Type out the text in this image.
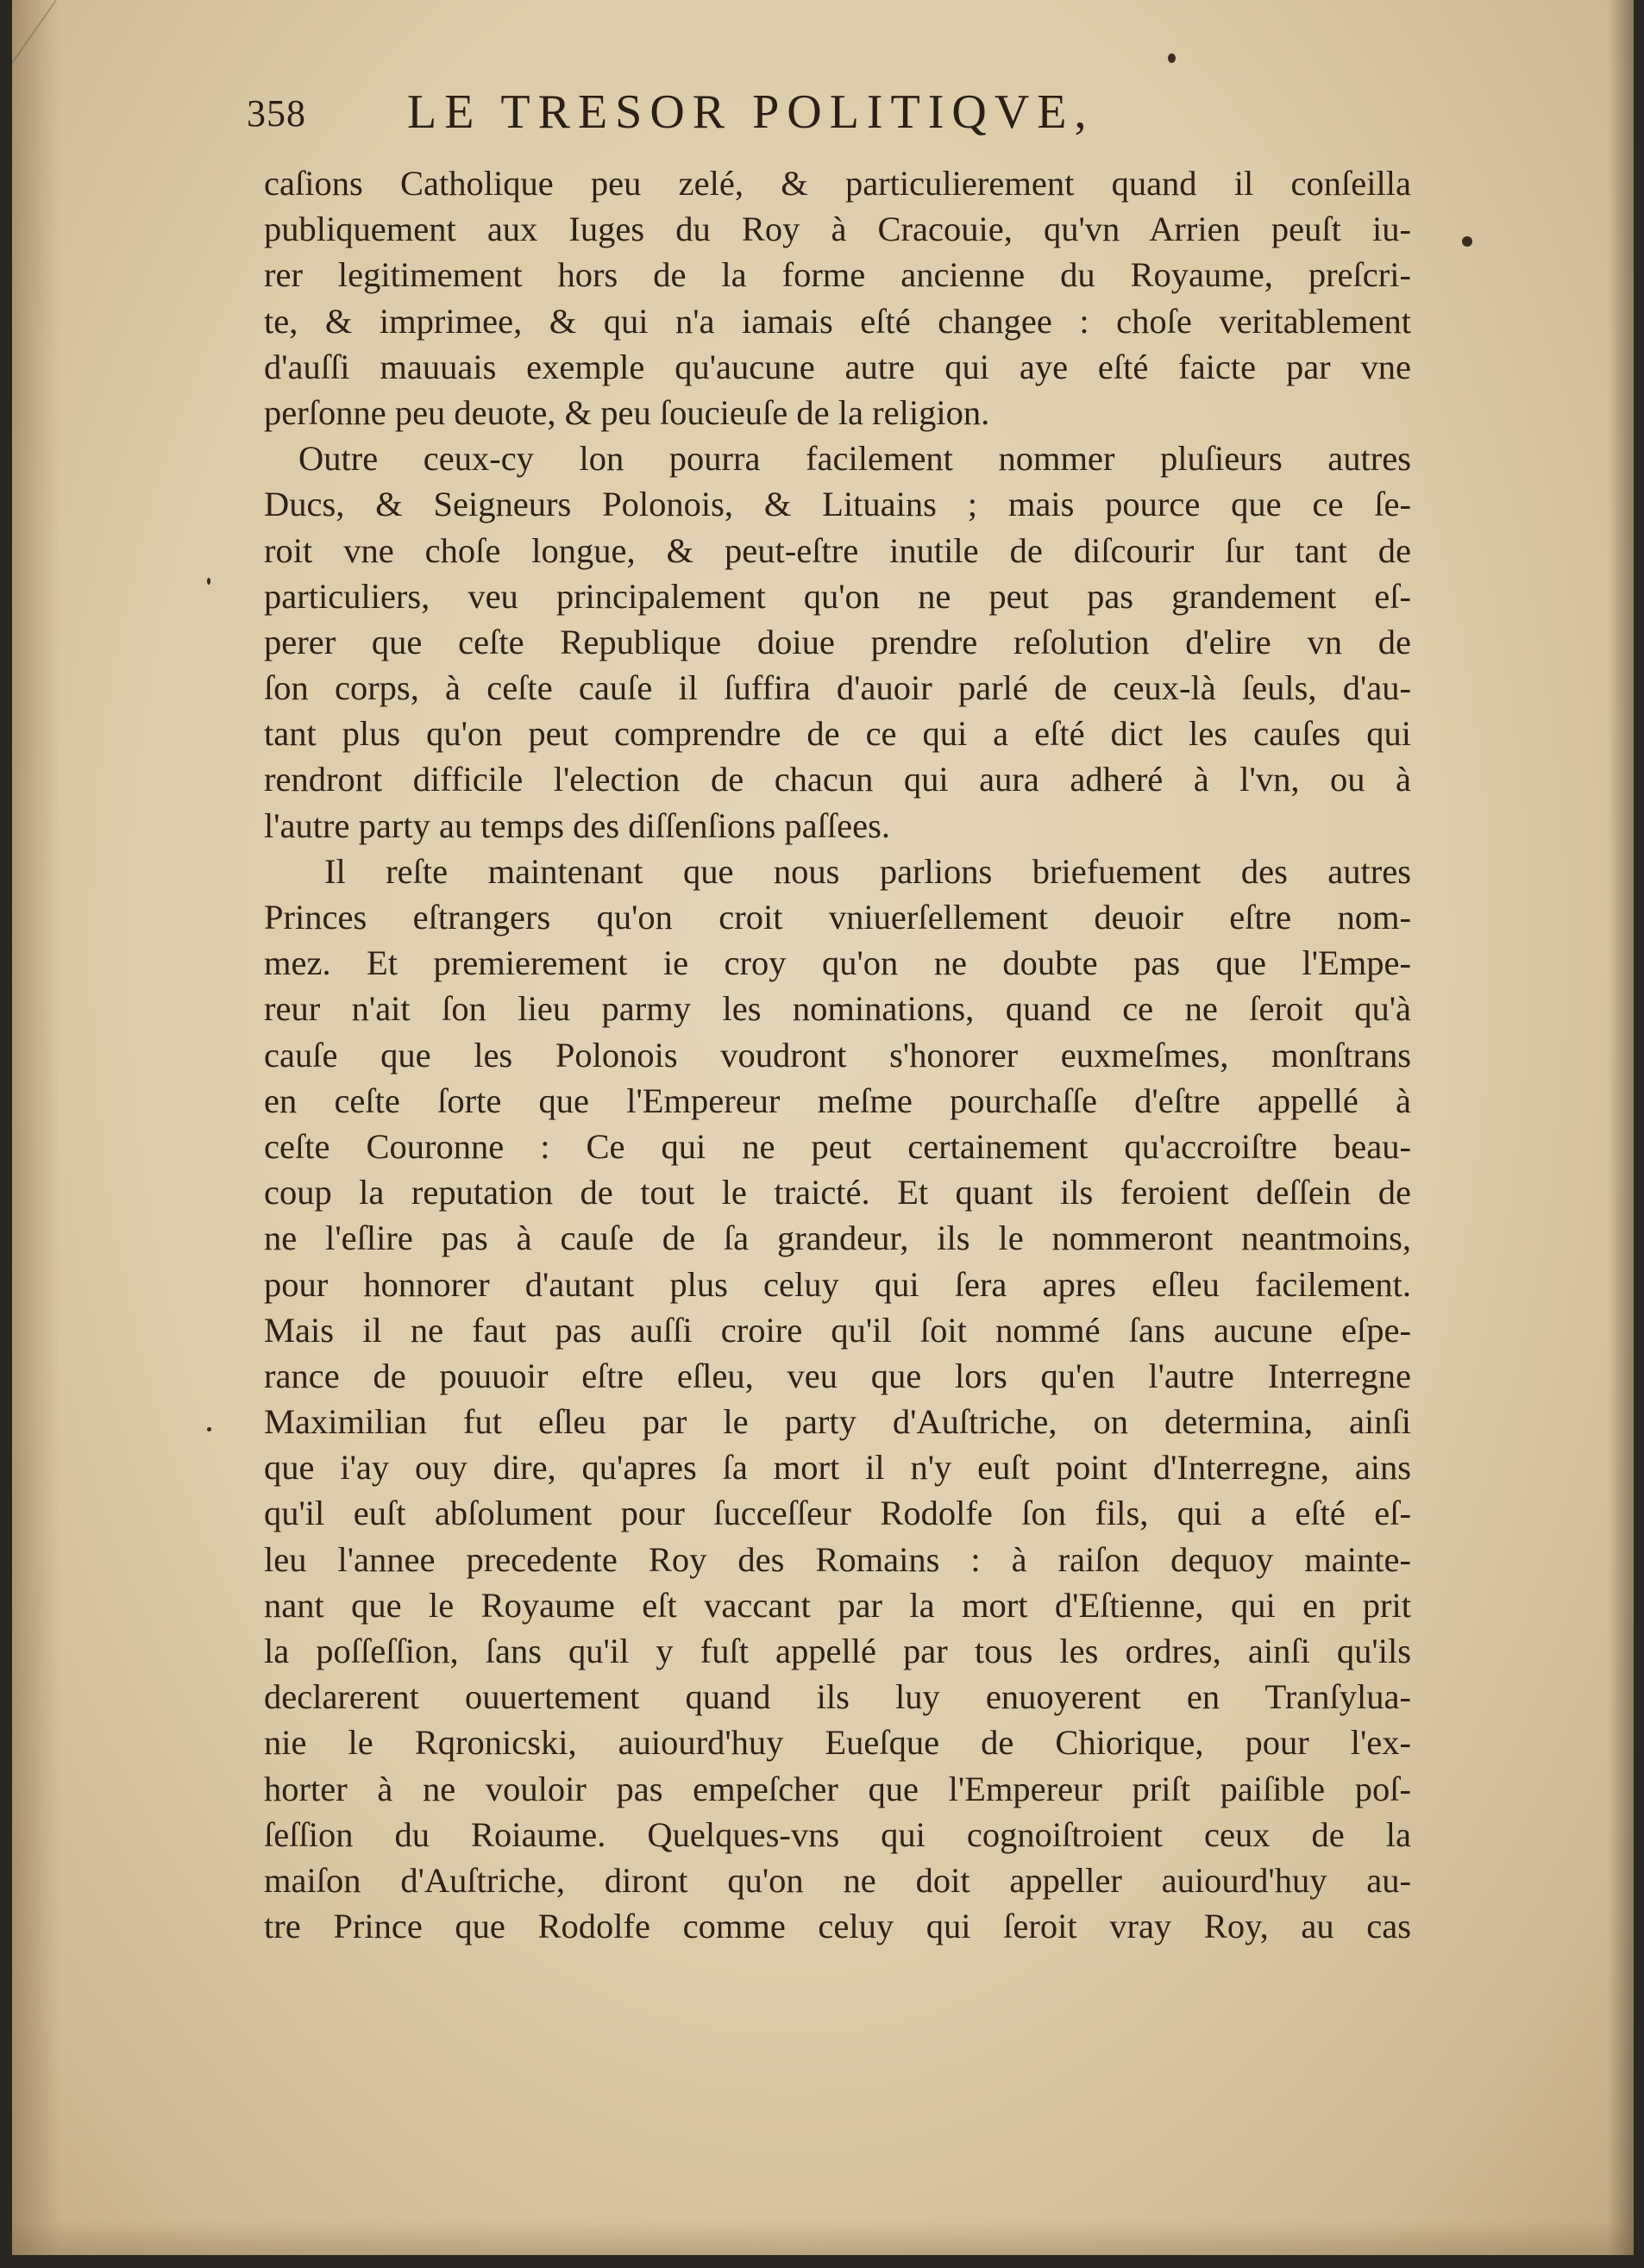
358 LE TRESOR POLITIQVE,
caſions Catholique peu zelé, & particulierement quand il conſeilla
publiquement aux Iuges du Roy à Cracouie, qu'vn Arrien peuſt iu-
rer legitimement hors de la forme ancienne du Royaume, preſcri-
te, & imprimee, & qui n'a iamais eſté changee : choſe veritablement
d'auſſi mauuais exemple qu'aucune autre qui aye eſté faicte par vne
perſonne peu deuote, & peu ſoucieuſe de la religion.
Outre ceux-cy lon pourra facilement nommer pluſieurs autres
Ducs, & Seigneurs Polonois, & Lituains ; mais pource que ce ſe-
roit vne choſe longue, & peut-eſtre inutile de diſcourir ſur tant de
particuliers, veu principalement qu'on ne peut pas grandement eſ-
perer que ceſte Republique doiue prendre reſolution d'elire vn de
ſon corps, à ceſte cauſe il ſuffira d'auoir parlé de ceux-là ſeuls, d'au-
tant plus qu'on peut comprendre de ce qui a eſté dict les cauſes qui
rendront difficile l'election de chacun qui aura adheré à l'vn, ou à
l'autre party au temps des diſſenſions paſſees.
Il reſte maintenant que nous parlions briefuement des autres
Princes eſtrangers qu'on croit vniuerſellement deuoir eſtre nom-
mez. Et premierement ie croy qu'on ne doubte pas que l'Empe-
reur n'ait ſon lieu parmy les nominations, quand ce ne ſeroit qu'à
cauſe que les Polonois voudront s'honorer euxmeſmes, monſtrans
en ceſte ſorte que l'Empereur meſme pourchaſſe d'eſtre appellé à
ceſte Couronne : Ce qui ne peut certainement qu'accroiſtre beau-
coup la reputation de tout le traicté. Et quant ils feroient deſſein de
ne l'eſlire pas à cauſe de ſa grandeur, ils le nommeront neantmoins,
pour honnorer d'autant plus celuy qui ſera apres eſleu facilement.
Mais il ne faut pas auſſi croire qu'il ſoit nommé ſans aucune eſpe-
rance de pouuoir eſtre eſleu, veu que lors qu'en l'autre Interregne
Maximilian fut eſleu par le party d'Auſtriche, on determina, ainſi
que i'ay ouy dire, qu'apres ſa mort il n'y euſt point d'Interregne, ains
qu'il euſt abſolument pour ſucceſſeur Rodolfe ſon fils, qui a eſté eſ-
leu l'annee precedente Roy des Romains : à raiſon dequoy mainte-
nant que le Royaume eſt vaccant par la mort d'Eſtienne, qui en prit
la poſſeſſion, ſans qu'il y fuſt appellé par tous les ordres, ainſi qu'ils
declarerent ouuertement quand ils luy enuoyerent en Tranſylua-
nie le Rqronicski, auiourd'huy Eueſque de Chiorique, pour l'ex-
horter à ne vouloir pas empeſcher que l'Empereur priſt paiſible poſ-
ſeſſion du Roiaume. Quelques-vns qui cognoiſtroient ceux de la
maiſon d'Auſtriche, diront qu'on ne doit appeller auiourd'huy au-
tre Prince que Rodolfe comme celuy qui ſeroit vray Roy, au cas
